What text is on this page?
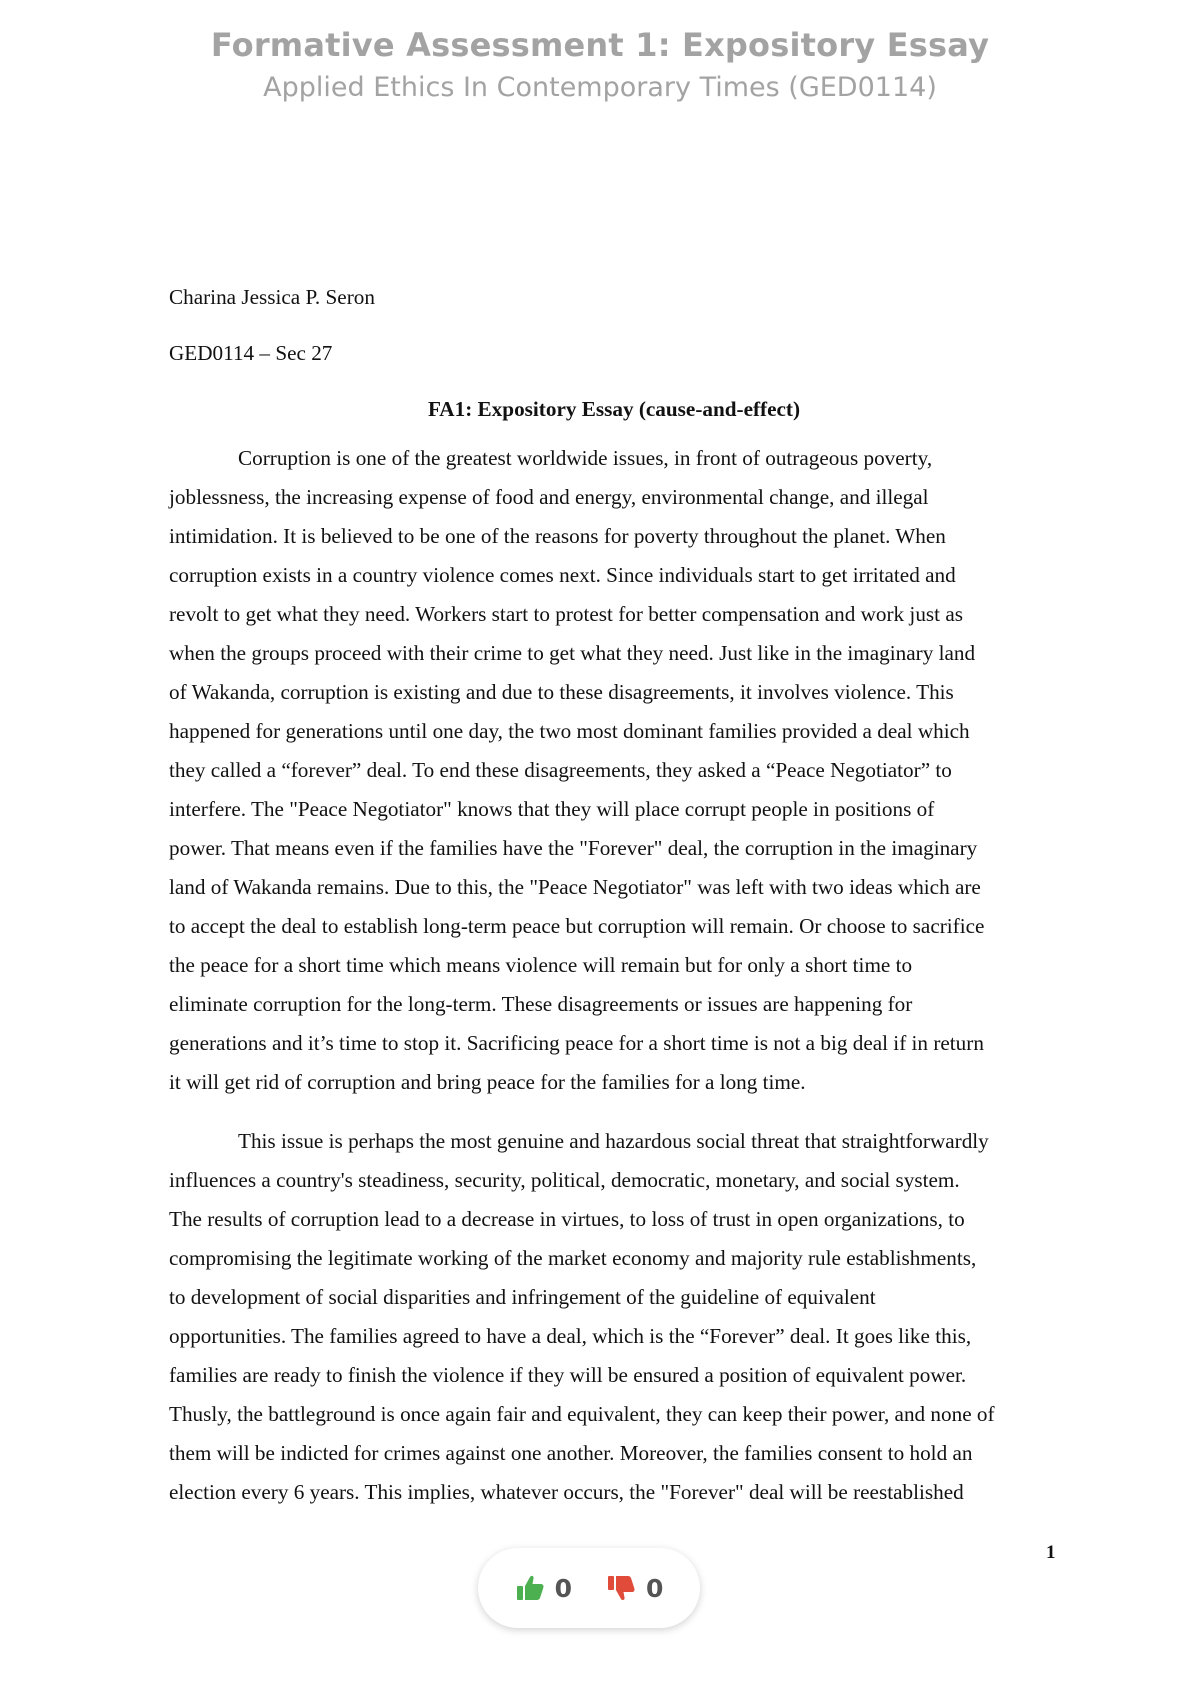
Formative Assessment 1: Expository Essay
Applied Ethics In Contemporary Times (GED0114)

Charina Jessica P. Seron

GED0114 – Sec 27

FA1: Expository Essay (cause-and-effect)

Corruption is one of the greatest worldwide issues, in front of outrageous poverty,
joblessness, the increasing expense of food and energy, environmental change, and illegal
intimidation. It is believed to be one of the reasons for poverty throughout the planet. When
corruption exists in a country violence comes next. Since individuals start to get irritated and
revolt to get what they need. Workers start to protest for better compensation and work just as
when the groups proceed with their crime to get what they need. Just like in the imaginary land
of Wakanda, corruption is existing and due to these disagreements, it involves violence. This
happened for generations until one day, the two most dominant families provided a deal which
they called a “forever” deal. To end these disagreements, they asked a “Peace Negotiator” to
interfere. The "Peace Negotiator" knows that they will place corrupt people in positions of
power. That means even if the families have the "Forever" deal, the corruption in the imaginary
land of Wakanda remains. Due to this, the "Peace Negotiator" was left with two ideas which are
to accept the deal to establish long-term peace but corruption will remain. Or choose to sacrifice
the peace for a short time which means violence will remain but for only a short time to
eliminate corruption for the long-term. These disagreements or issues are happening for
generations and it’s time to stop it. Sacrificing peace for a short time is not a big deal if in return
it will get rid of corruption and bring peace for the families for a long time.

This issue is perhaps the most genuine and hazardous social threat that straightforwardly
influences a country's steadiness, security, political, democratic, monetary, and social system.
The results of corruption lead to a decrease in virtues, to loss of trust in open organizations, to
compromising the legitimate working of the market economy and majority rule establishments,
to development of social disparities and infringement of the guideline of equivalent
opportunities. The families agreed to have a deal, which is the “Forever” deal. It goes like this,
families are ready to finish the violence if they will be ensured a position of equivalent power.
Thusly, the battleground is once again fair and equivalent, they can keep their power, and none of
them will be indicted for crimes against one another. Moreover, the families consent to hold an
election every 6 years. This implies, whatever occurs, the "Forever" deal will be reestablished

1
0	0
